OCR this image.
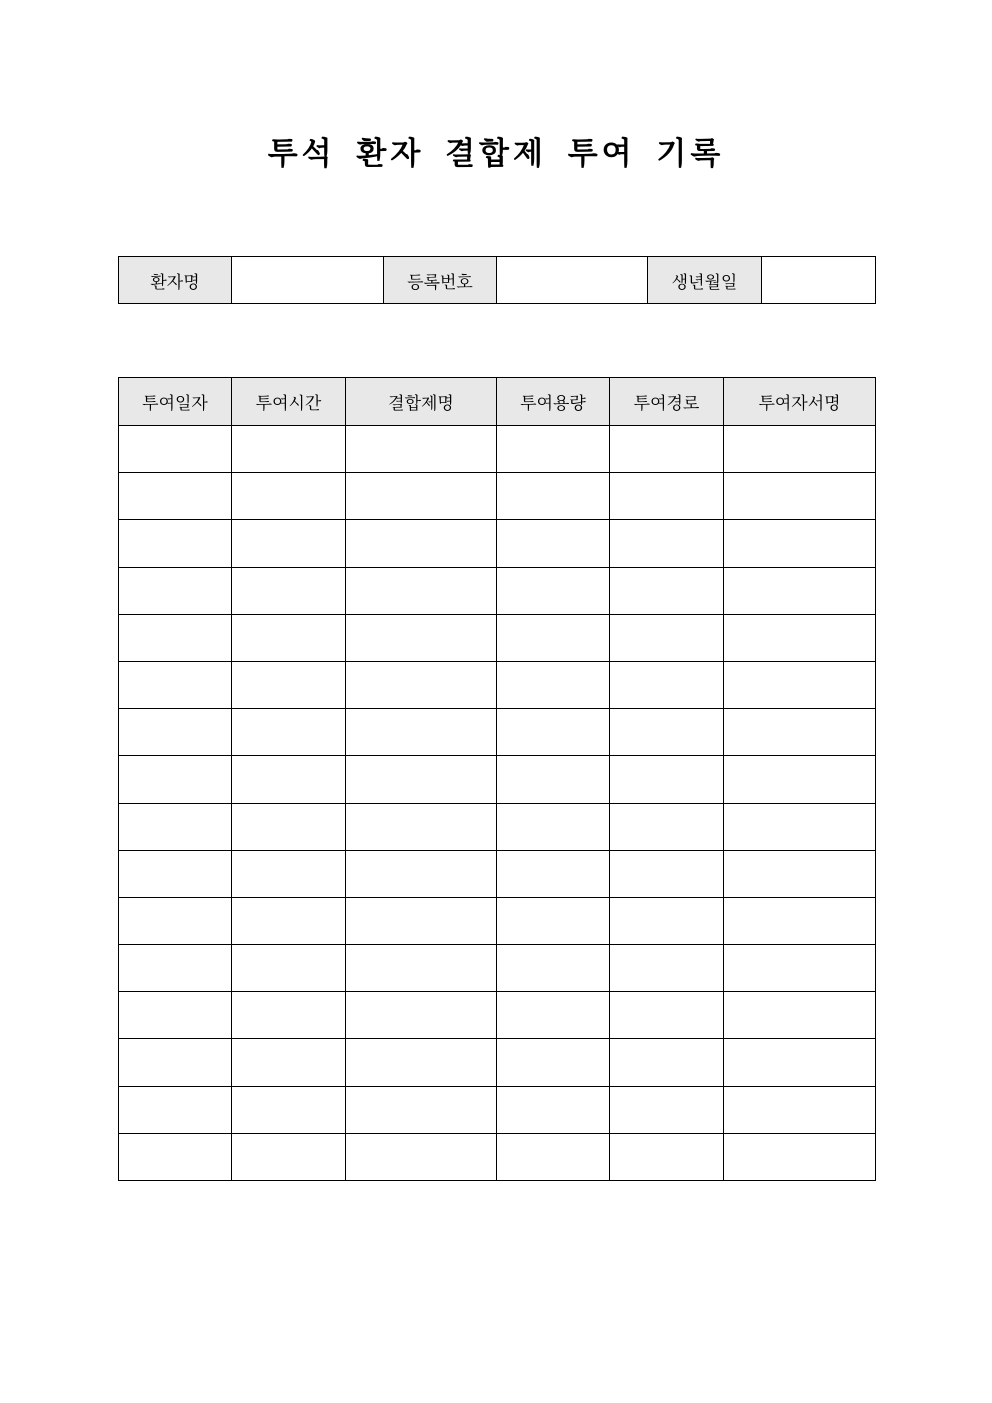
투석 환자 결합제 투여 기록
환자명		등록번호		생년월일	
투여일자	투여시간	결합제명	투여용량	투여경로	투여자서명
